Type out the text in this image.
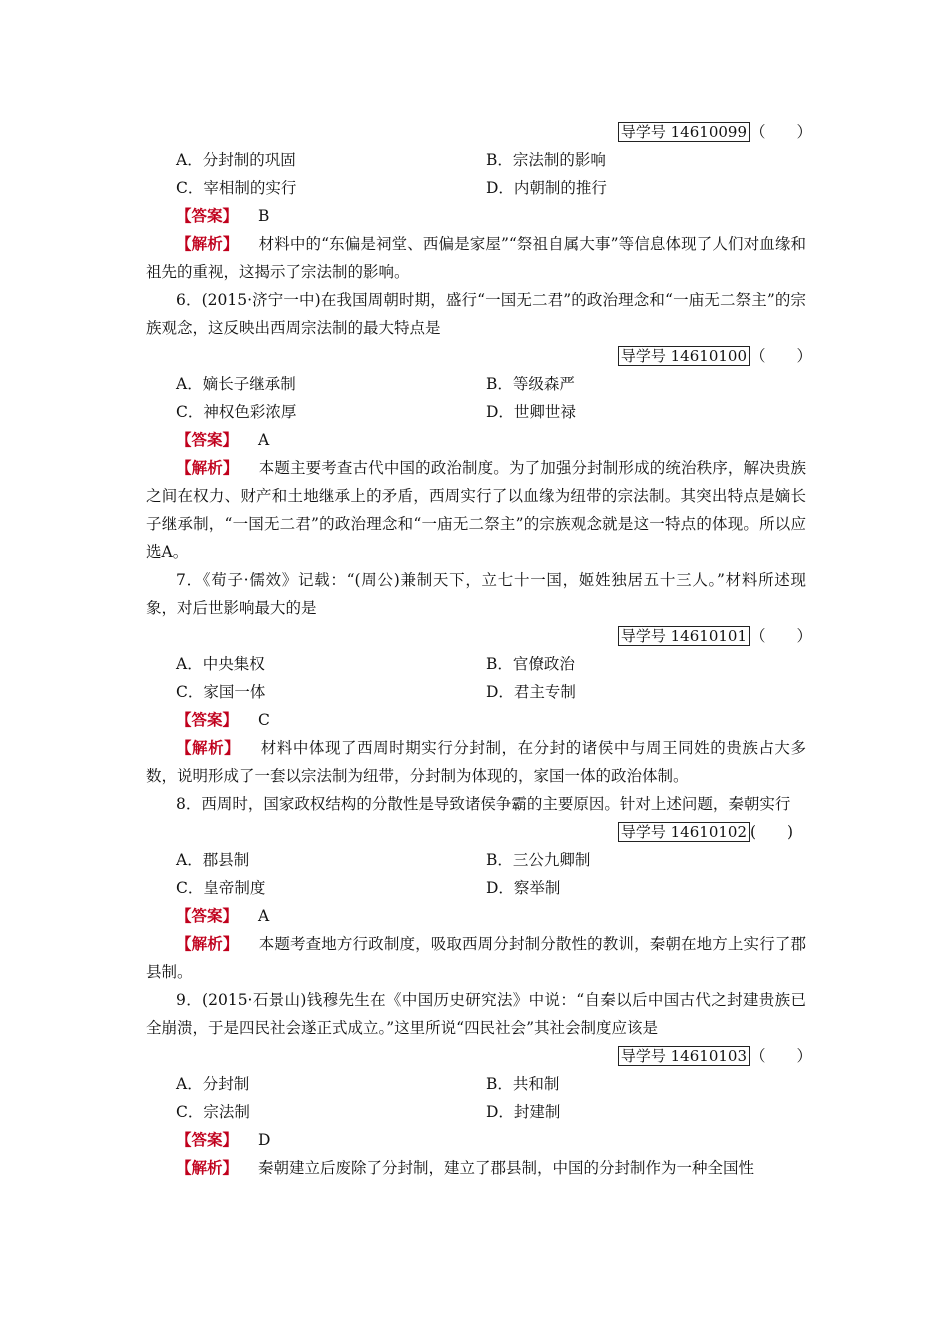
导学号 14610099 （　　）
A．分封制的巩固	B．宗法制的影响
C．宰相制的实行	D．内朝制的推行
【答案】 B
【解析】 材料中的“东偏是祠堂、西偏是家屋”“祭祖自属大事”等信息体现了人们对血缘和祖先的重视，这揭示了宗法制的影响。
6．(2015·济宁一中)在我国周朝时期，盛行“一国无二君”的政治理念和“一庙无二祭主”的宗族观念，这反映出西周宗法制的最大特点是
导学号 14610100 （　　）
A．嫡长子继承制	B．等级森严
C．神权色彩浓厚	D．世卿世禄
【答案】 A
【解析】 本题主要考查古代中国的政治制度。为了加强分封制形成的统治秩序，解决贵族之间在权力、财产和土地继承上的矛盾，西周实行了以血缘为纽带的宗法制。其突出特点是嫡长子继承制，“一国无二君”的政治理念和“一庙无二祭主”的宗族观念就是这一特点的体现。所以应选A。
7．《荀子·儒效》记载：“(周公)兼制天下，立七十一国，姬姓独居五十三人。”材料所述现象，对后世影响最大的是
导学号 14610101 （　　）
A．中央集权	B．官僚政治
C．家国一体	D．君主专制
【答案】 C
【解析】 材料中体现了西周时期实行分封制，在分封的诸侯中与周王同姓的贵族占大多数，说明形成了一套以宗法制为纽带，分封制为体现的，家国一体的政治体制。
8．西周时，国家政权结构的分散性是导致诸侯争霸的主要原因。针对上述问题，秦朝实行
导学号 14610102 (　　)
A．郡县制	B．三公九卿制
C．皇帝制度	D．察举制
【答案】 A
【解析】 本题考查地方行政制度，吸取西周分封制分散性的教训，秦朝在地方上实行了郡县制。
9．(2015·石景山)钱穆先生在《中国历史研究法》中说：“自秦以后中国古代之封建贵族已全崩溃，于是四民社会遂正式成立。”这里所说“四民社会”其社会制度应该是
导学号 14610103 （　　）
A．分封制	B．共和制
C．宗法制	D．封建制
【答案】 D
【解析】 秦朝建立后废除了分封制，建立了郡县制，中国的分封制作为一种全国性
